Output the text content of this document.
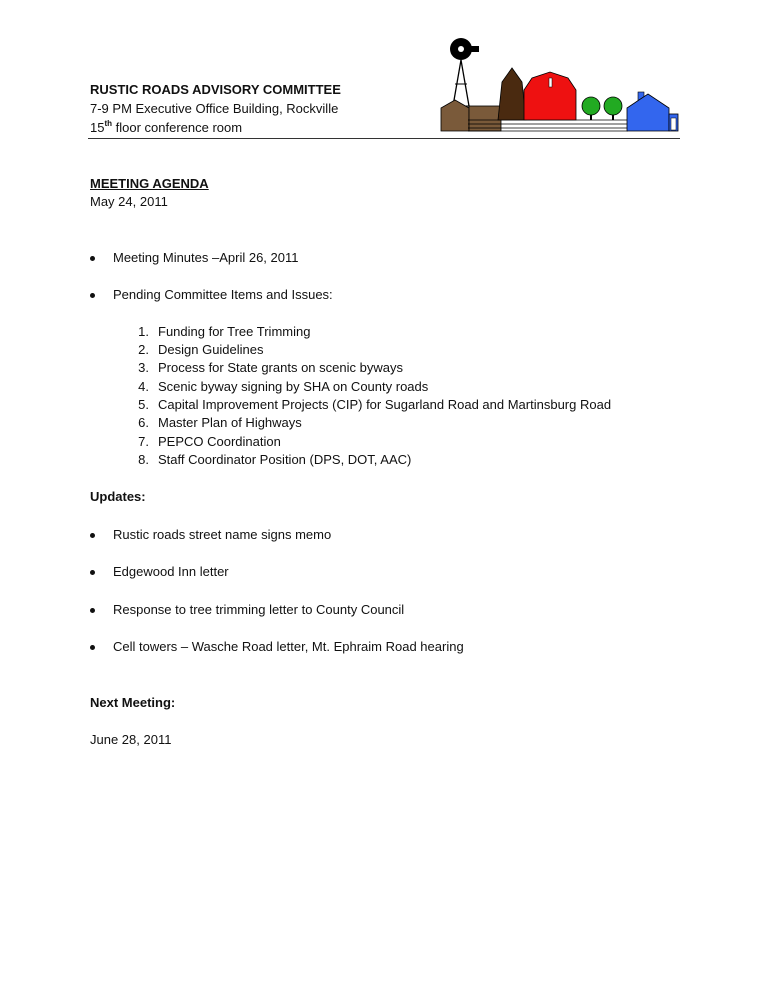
RUSTIC ROADS ADVISORY COMMITTEE
7-9 PM Executive Office Building, Rockville
15th floor conference room
MEETING AGENDA
May 24, 2011
Meeting Minutes –April 26, 2011
Pending Committee Items and Issues:
1. Funding for Tree Trimming
2. Design Guidelines
3. Process for State grants on scenic byways
4. Scenic byway signing by SHA on County roads
5. Capital Improvement Projects (CIP) for Sugarland Road and Martinsburg Road
6. Master Plan of Highways
7. PEPCO Coordination
8. Staff Coordinator Position (DPS, DOT, AAC)
Updates:
Rustic roads street name signs memo
Edgewood Inn letter
Response to tree trimming letter to County Council
Cell towers – Wasche Road letter, Mt. Ephraim Road hearing
Next Meeting:
June 28, 2011
